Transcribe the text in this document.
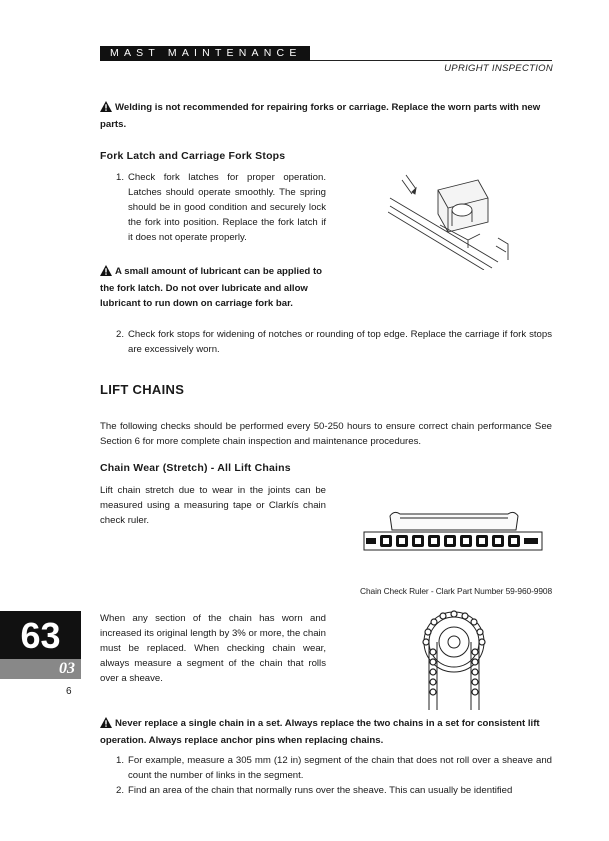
MAST MAINTENANCE
UPRIGHT INSPECTION
Welding is not recommended for repairing forks or carriage. Replace the worn parts with new parts.
Fork Latch and Carriage Fork Stops
1. Check fork latches for proper operation. Latches should operate smoothly. The spring should be in good condition and securely lock the fork into position. Replace the fork latch if it does not operate properly.
A small amount of lubricant can be applied to the fork latch. Do not over lubricate and allow lubricant to run down on carriage fork bar.
2. Check fork stops for widening of notches or rounding of top edge. Replace the carriage if fork stops are excessively worn.
LIFT CHAINS
The following checks should be performed every 50-250 hours to ensure correct chain performance See Section 6 for more complete chain inspection and maintenance procedures.
Chain Wear (Stretch) - All Lift Chains
Lift chain stretch due to wear in the joints can be measured using a measuring tape or Clarkís chain check ruler.
Chain Check Ruler - Clark Part Number 59-960-9908
63
03
6
When any section of the chain has worn and increased its original length by 3% or more, the chain must be replaced. When checking chain wear, always measure a segment of the chain that rolls over a sheave.
Never replace a single chain in a set. Always replace the two chains in a set for consistent lift operation. Always replace anchor pins when replacing chains.
1. For example, measure a 305 mm (12 in) segment of the chain that does not roll over a sheave and count the number of links in the segment.
2. Find an area of the chain that normally runs over the sheave. This can usually be identified
